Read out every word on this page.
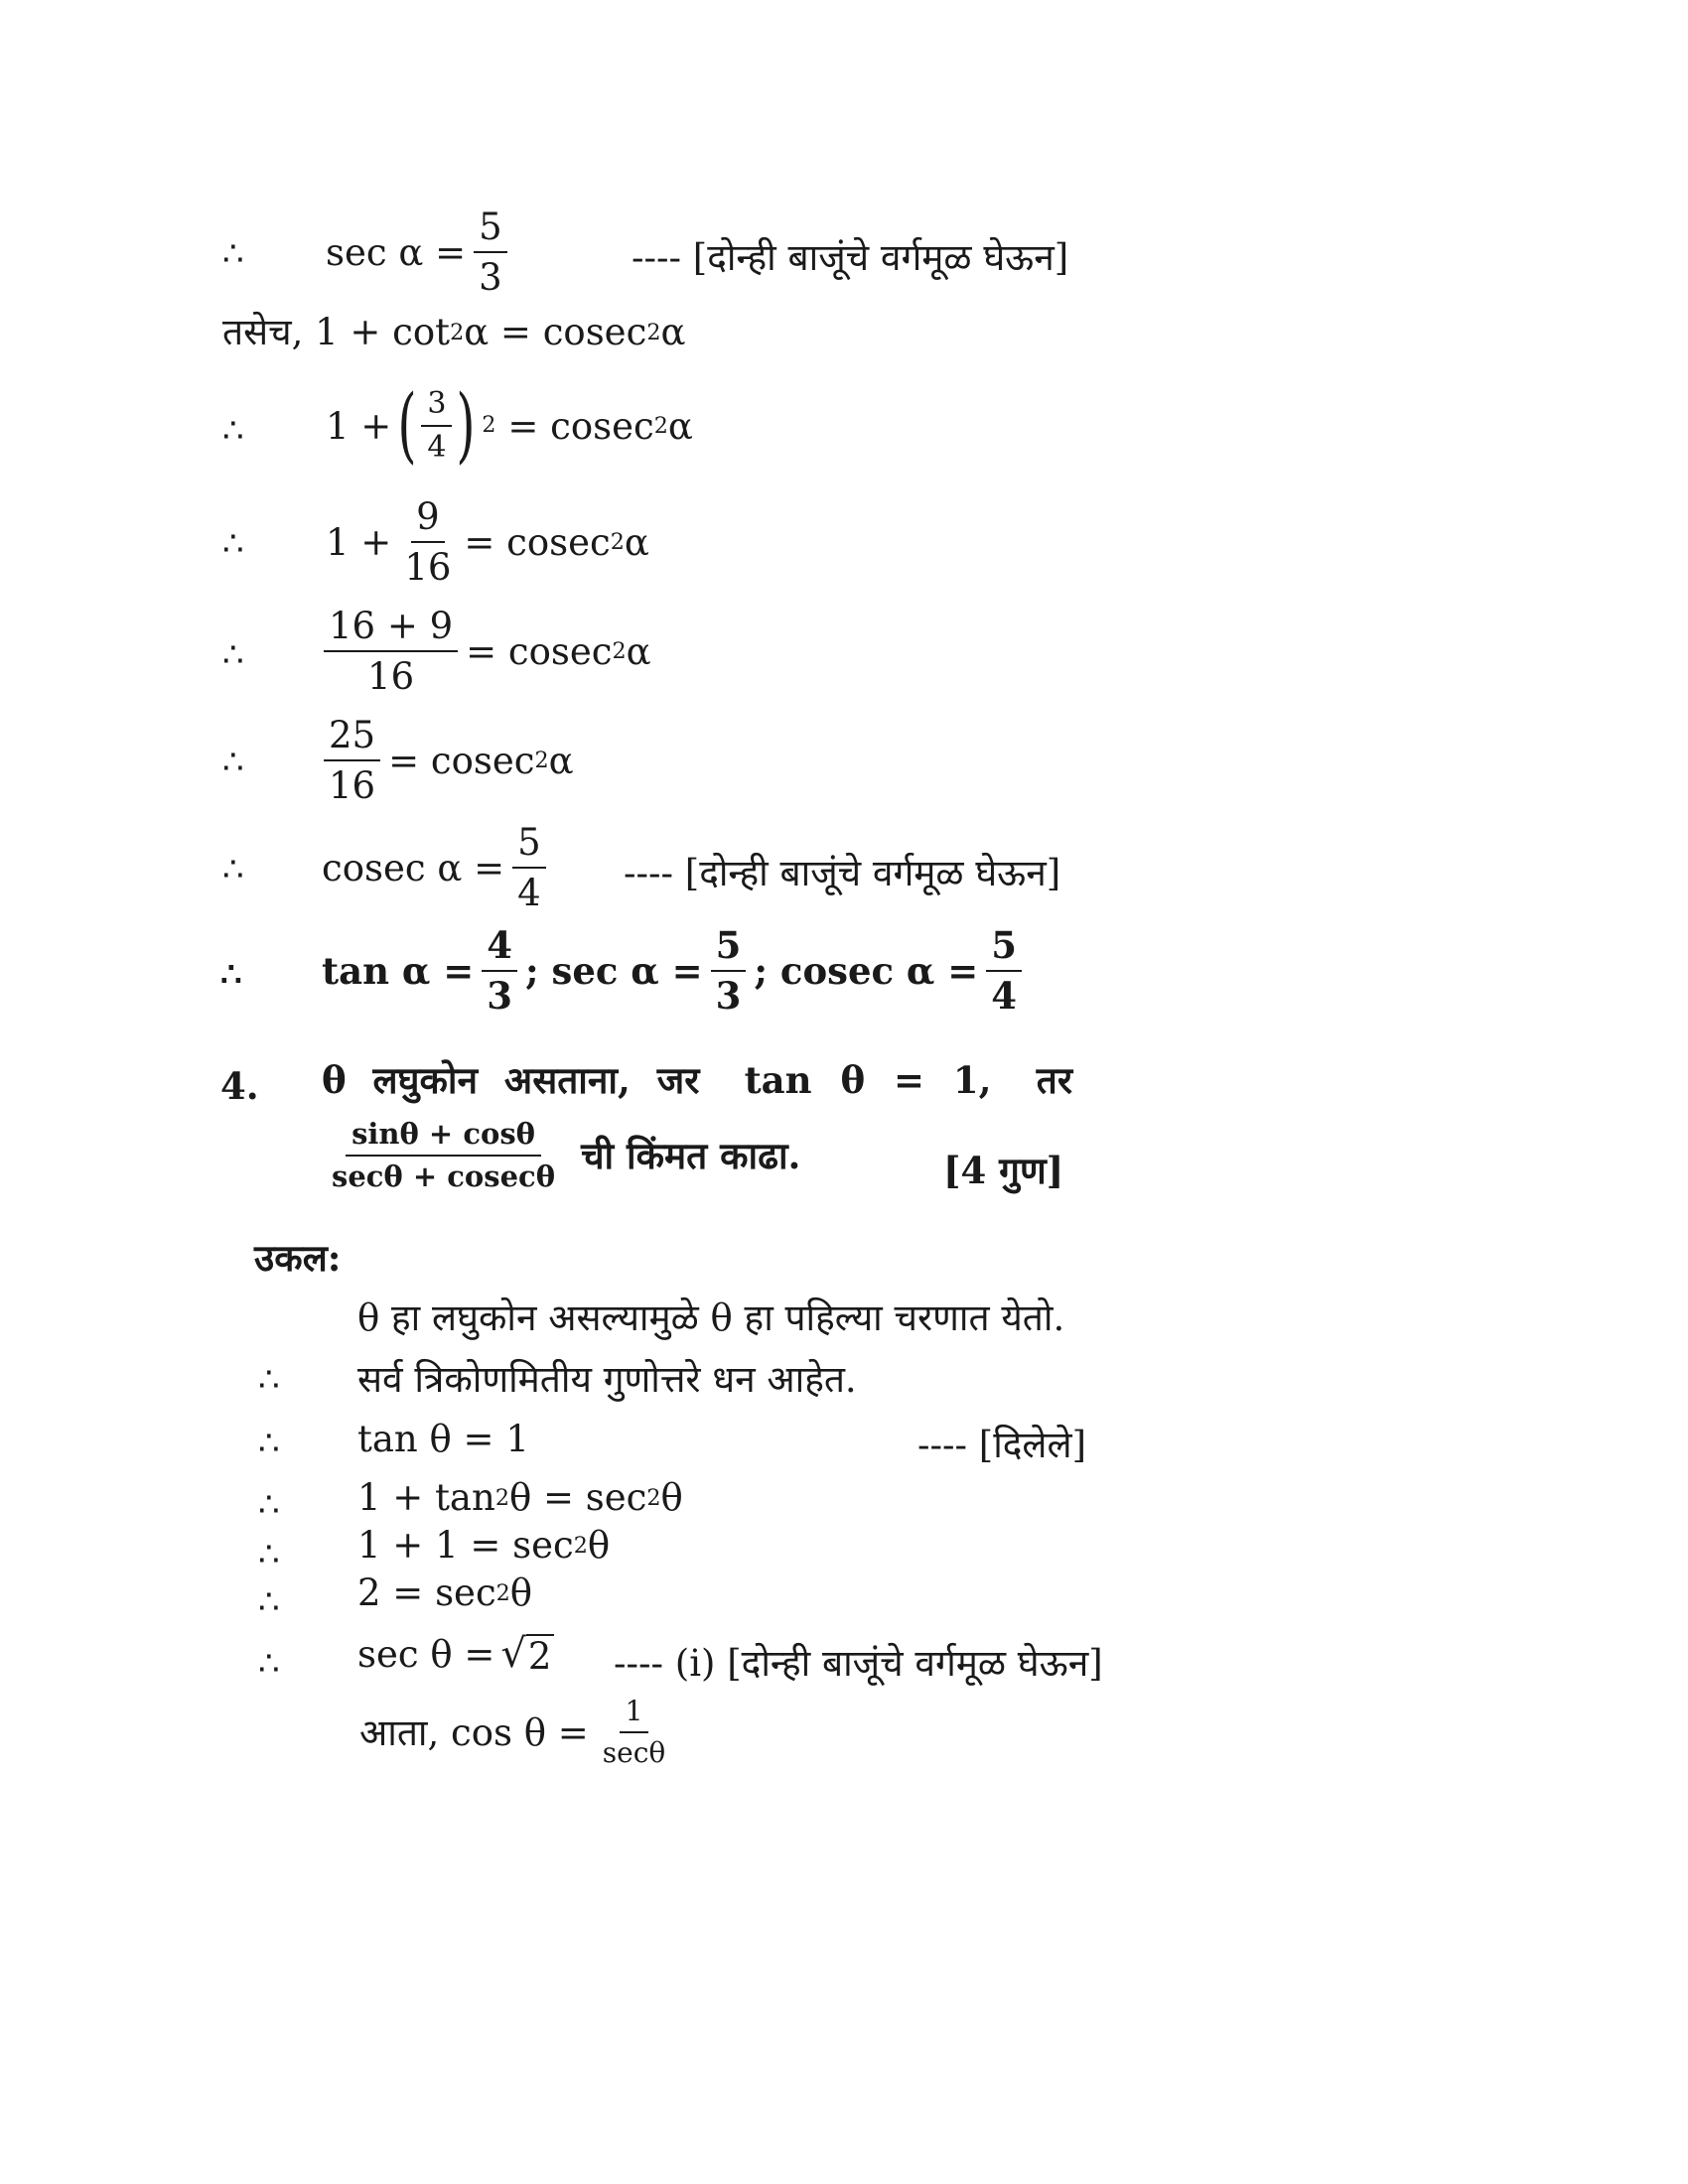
∴ $\sec \alpha = \frac{5}{3}$	---- [दोन्ही बाजूंचे वर्गमूळ घेऊन]
तसेच, 1 + cot 2 α = cosec 2 α
∴ 1 + ( $\frac{3}{4}$ ) 2 = cosec 2 α
∴ $1 + \frac{9}{16} = cosec$ 2 α
∴ $\frac{16 + 9}{16} = cosec$ 2 α
∴ $\frac{25}{16} = cosec$ 2 α
∴ cosec $\alpha = \frac{5}{4}$ ---- [दोन्ही बाजूंचे वर्गमूळ घेऊन]
∴ $\tan \alpha = \frac{4}{3}$ ; $\sec \alpha = \frac{5}{3}$ ; cosec $\alpha = \frac{5}{4}$
4. θ लघुकोन असताना, जर tan θ = 1, तर
$\frac{\sin\theta + \cos\theta}{\sec\theta + cosec\theta}$ ची किंमत काढा.	[4 गुण]
उकल:
θ हा लघुकोन असल्यामुळे θ हा पहिल्या चरणात येतो.
∴ सर्व त्रिकोणमितीय गुणोत्तरे धन आहेत.
∴ tan θ = 1	---- [दिलेले]
∴ 1 + tan 2 θ = sec 2 θ
∴ 1 + 1 = sec 2 θ
∴ 2 = sec 2 θ
∴ sec θ = √ 2 ---- (i) [दोन्ही बाजूंचे वर्गमूळ घेऊन]
आता, $\cos \theta = \frac{1}{\sec\theta}$
